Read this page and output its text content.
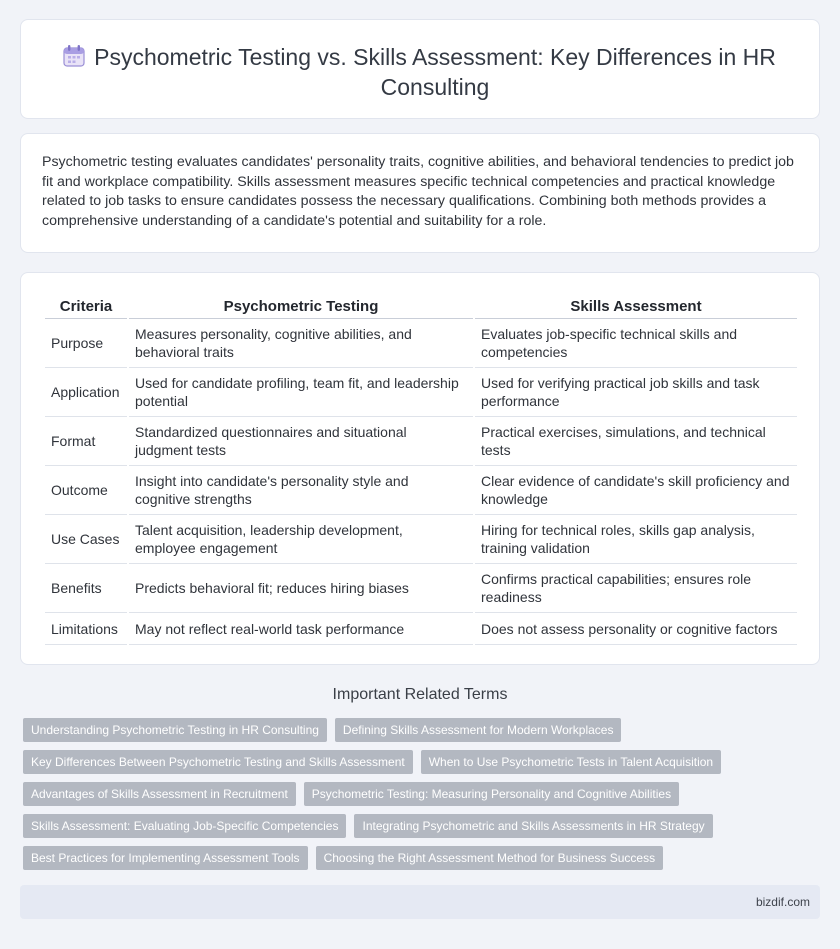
Psychometric Testing vs. Skills Assessment: Key Differences in HR Consulting

Psychometric testing evaluates candidates' personality traits, cognitive abilities, and behavioral tendencies to predict job fit and workplace compatibility. Skills assessment measures specific technical competencies and practical knowledge related to job tasks to ensure candidates possess the necessary qualifications. Combining both methods provides a comprehensive understanding of a candidate's potential and suitability for a role.

Criteria	Psychometric Testing	Skills Assessment
Purpose	Measures personality, cognitive abilities, and behavioral traits	Evaluates job-specific technical skills and competencies
Application	Used for candidate profiling, team fit, and leadership potential	Used for verifying practical job skills and task performance
Format	Standardized questionnaires and situational judgment tests	Practical exercises, simulations, and technical tests
Outcome	Insight into candidate's personality style and cognitive strengths	Clear evidence of candidate's skill proficiency and knowledge
Use Cases	Talent acquisition, leadership development, employee engagement	Hiring for technical roles, skills gap analysis, training validation
Benefits	Predicts behavioral fit; reduces hiring biases	Confirms practical capabilities; ensures role readiness
Limitations	May not reflect real-world task performance	Does not assess personality or cognitive factors
Important Related Terms
Understanding Psychometric Testing in HR Consulting	Defining Skills Assessment for Modern Workplaces
Key Differences Between Psychometric Testing and Skills Assessment	When to Use Psychometric Tests in Talent Acquisition
Advantages of Skills Assessment in Recruitment	Psychometric Testing: Measuring Personality and Cognitive Abilities
Skills Assessment: Evaluating Job-Specific Competencies	Integrating Psychometric and Skills Assessments in HR Strategy
Best Practices for Implementing Assessment Tools	Choosing the Right Assessment Method for Business Success
bizdif.com
